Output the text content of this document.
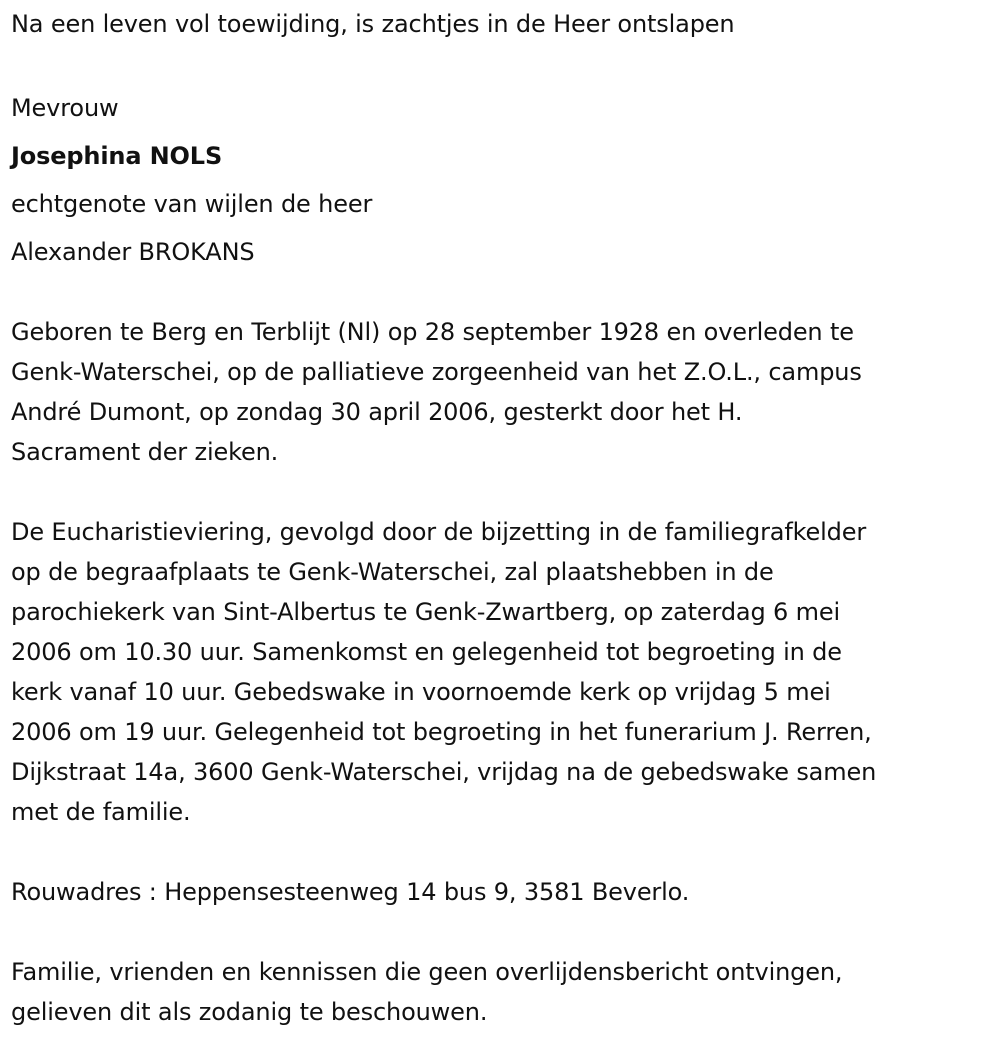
Na een leven vol toewijding, is zachtjes in de Heer ontslapen
Mevrouw
Josephina NOLS
echtgenote van wijlen de heer
Alexander BROKANS
Geboren te Berg en Terblijt (Nl) op 28 september 1928 en overleden te
Genk-Waterschei, op de palliatieve zorgeenheid van het Z.O.L., campus
André Dumont, op zondag 30 april 2006, gesterkt door het H.
Sacrament der zieken.
De Eucharistieviering, gevolgd door de bijzetting in de familiegrafkelder
op de begraafplaats te Genk-Waterschei, zal plaatshebben in de
parochiekerk van Sint-Albertus te Genk-Zwartberg, op zaterdag 6 mei
2006 om 10.30 uur. Samenkomst en gelegenheid tot begroeting in de
kerk vanaf 10 uur. Gebedswake in voornoemde kerk op vrijdag 5 mei
2006 om 19 uur. Gelegenheid tot begroeting in het funerarium J. Rerren,
Dijkstraat 14a, 3600 Genk-Waterschei, vrijdag na de gebedswake samen
met de familie.
Rouwadres : Heppensesteenweg 14 bus 9, 3581 Beverlo.
Familie, vrienden en kennissen die geen overlijdensbericht ontvingen,
gelieven dit als zodanig te beschouwen.
